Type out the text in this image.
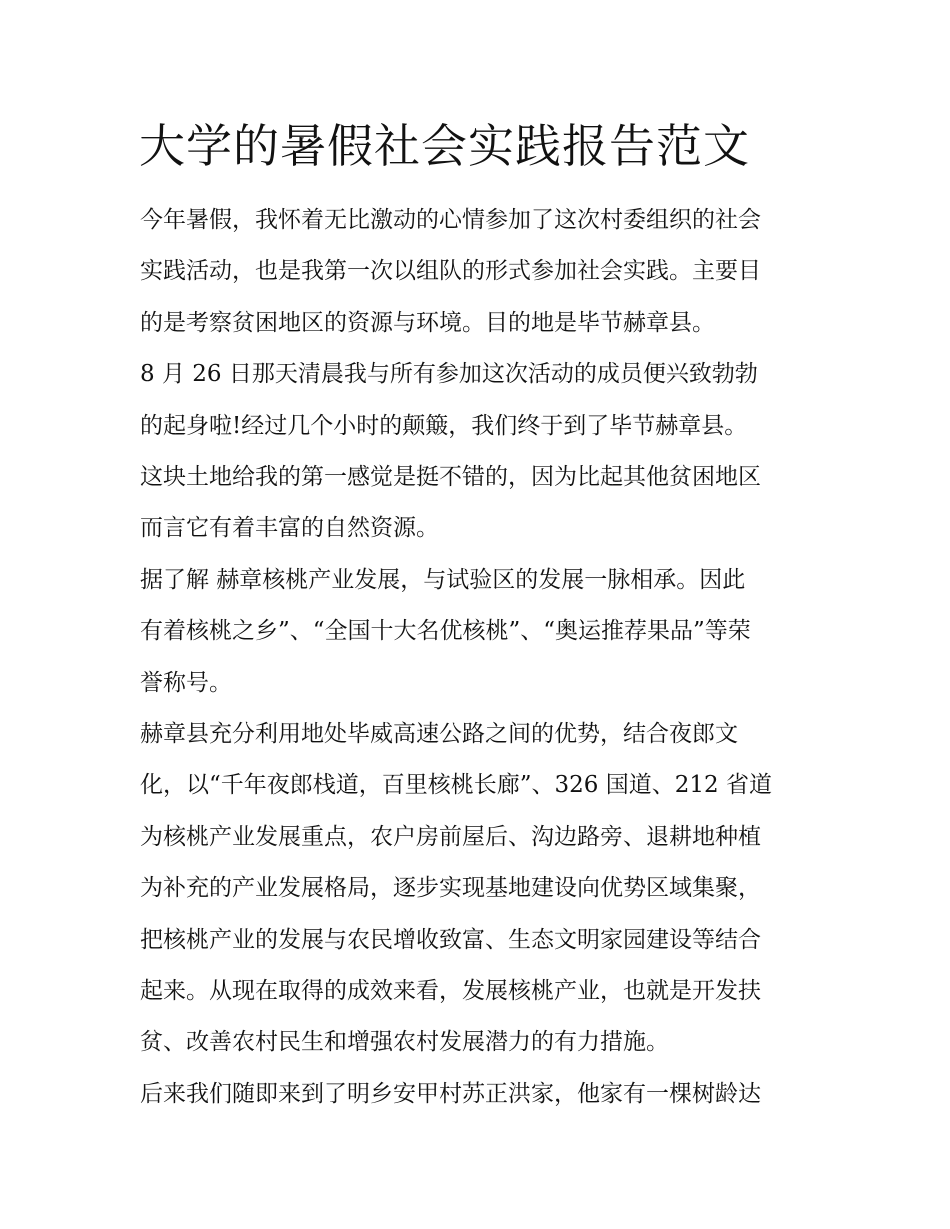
大学的暑假社会实践报告范文

今年暑假，我怀着无比激动的心情参加了这次村委组织的社会

实践活动，也是我第一次以组队的形式参加社会实践。主要目

的是考察贫困地区的资源与环境。目的地是毕节赫章县。

8 月 26 日那天清晨我与所有参加这次活动的成员便兴致勃勃

的起身啦!经过几个小时的颠簸，我们终于到了毕节赫章县。

这块土地给我的第一感觉是挺不错的，因为比起其他贫困地区

而言它有着丰富的自然资源。

据了解 赫章核桃产业发展，与试验区的发展一脉相承。因此

有着核桃之乡”、“全国十大名优核桃”、“奥运推荐果品”等荣

誉称号。

赫章县充分利用地处毕威高速公路之间的优势，结合夜郎文

化，以“千年夜郎栈道，百里核桃长廊”、326 国道、212 省道

为核桃产业发展重点，农户房前屋后、沟边路旁、退耕地种植

为补充的产业发展格局，逐步实现基地建设向优势区域集聚，

把核桃产业的发展与农民增收致富、生态文明家园建设等结合

起来。从现在取得的成效来看，发展核桃产业，也就是开发扶

贫、改善农村民生和增强农村发展潜力的有力措施。

后来我们随即来到了明乡安甲村苏正洪家，他家有一棵树龄达
